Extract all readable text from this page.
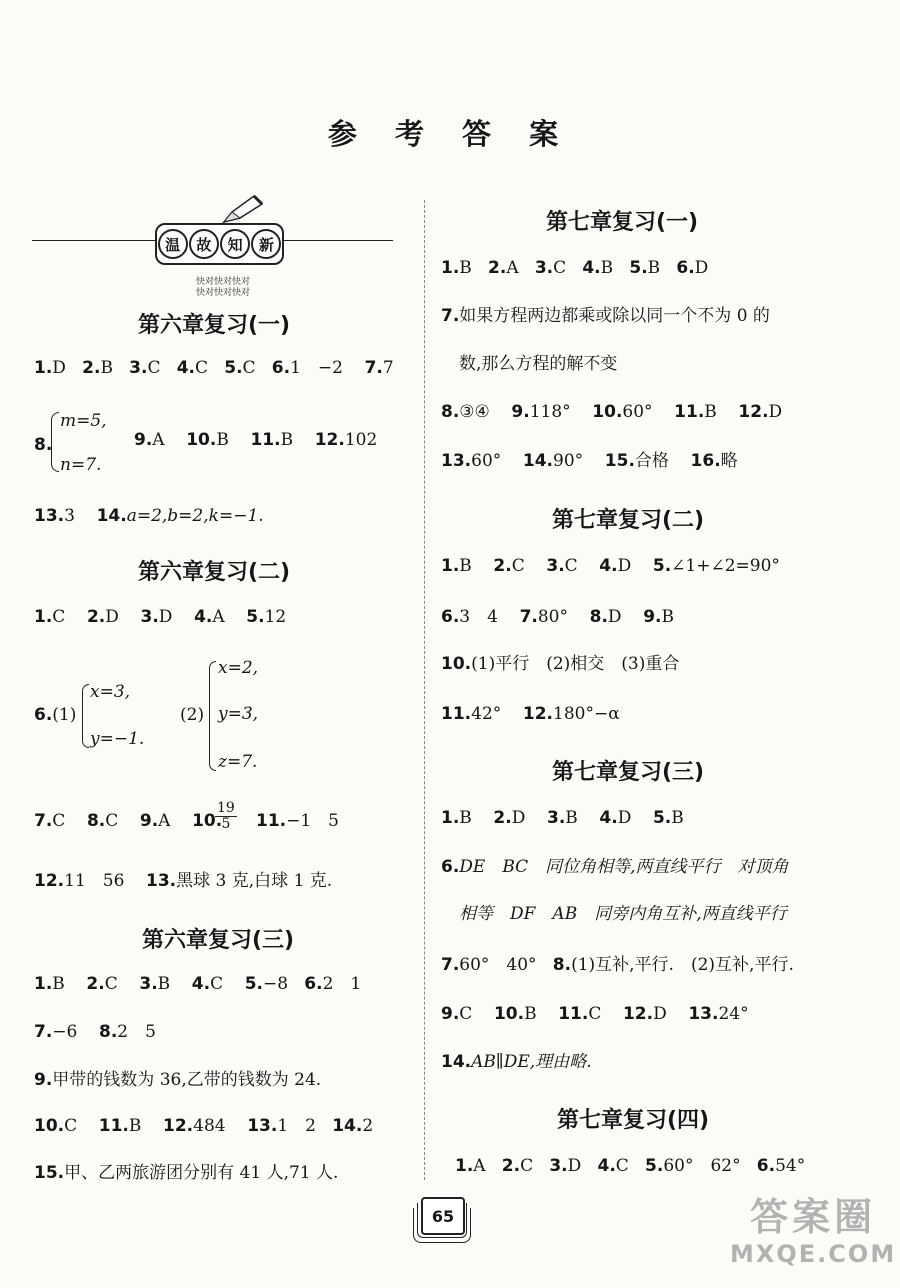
参 考 答 案
温	故	知	新
快对快对快对
快对快对快对
第六章复习(一)
1.D 2.B 3.C 4.C 5.C 6.1　−2 7.7
8.
m=5,
n=7.
9.A 10.B 11.B 12.102
13.3 14.a=2,b=2,k=−1.
第六章复习(二)
1.C 2.D 3.D 4.A 5.12
6.(1)
x=3,
y=−1.
(2)
x=2,
y=3,
z=7.
7.C 8.C 9.A 10.
$\frac{19}{5} 11.-1$　5
12.11　56 13.黑球 3 克,白球 1 克.
第六章复习(三)
1.B 2.C 3.B 4.C 5.−8 6.2　1
7.−6 8.2　5
9.甲带的钱数为 36,乙带的钱数为 24.
10.C 11.B 12.484 13.1　2 14.2
15.甲、乙两旅游团分别有 41 人,71 人.
第七章复习(一)
1.B 2.A 3.C 4.B 5.B 6.D
7.如果方程两边都乘或除以同一个不为 0 的
数,那么方程的解不变
8.③④ 9.118° 10.60° 11.B 12.D
13.60° 14.90° 15.合格 16.略
第七章复习(二)
1.B 2.C 3.C 4.D 5.∠1+∠2=90°
6.3　4 7.80° 8.D 9.B
10.(1)平行　(2)相交　(3)重合
11.42° 12.180°−α
第七章复习(三)
1.B 2.D 3.B 4.D 5.B
6.DE　BC　同位角相等,两直线平行　对顶角
相等　DF　AB　同旁内角互补,两直线平行
7.60°　40° 8.(1)互补,平行.　(2)互补,平行.
9.C 10.B 11.C 12.D 13.24°
14.AB∥DE,理由略.
第七章复习(四)
1.A 2.C 3.D 4.C 5.60°　62° 6.54°
65	答案圈
MXQE.COM
